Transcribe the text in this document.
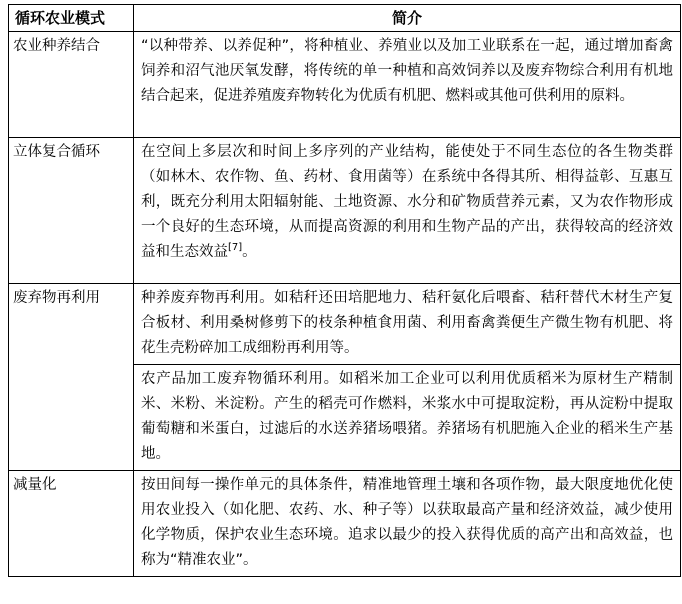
循环农业模式	简介
农业种养结合	“以种带养、以养促种”，将种植业、养殖业以及加工业联系在一起，通过增加畜禽饲养和沼气池厌氧发酵，将传统的单一种植和高效饲养以及废弃物综合利用有机地结合起来，促进养殖废弃物转化为优质有机肥、燃料或其他可供利用的原料。
立体复合循环	在空间上多层次和时间上多序列的产业结构，能使处于不同生态位的各生物类群（如林木、农作物、鱼、药材、食用菌等）在系统中各得其所、相得益彰、互惠互利，既充分利用太阳辐射能、土地资源、水分和矿物质营养元素，又为农作物形成一个良好的生态环境，从而提高资源的利用和生物产品的产出，获得较高的经济效益和生态效益[7]。
废弃物再利用	种养废弃物再利用。如秸秆还田培肥地力、秸秆氨化后喂畜、秸秆替代木材生产复合板材、利用桑树修剪下的枝条种植食用菌、利用畜禽粪便生产微生物有机肥、将花生壳粉碎加工成细粉再利用等。
	农产品加工废弃物循环利用。如稻米加工企业可以利用优质稻米为原材生产精制米、米粉、米淀粉。产生的稻壳可作燃料，米浆水中可提取淀粉，再从淀粉中提取葡萄糖和米蛋白，过滤后的水送养猪场喂猪。养猪场有机肥施入企业的稻米生产基地。
减量化	按田间每一操作单元的具体条件，精准地管理土壤和各项作物，最大限度地优化使用农业投入（如化肥、农药、水、种子等）以获取最高产量和经济效益，减少使用化学物质，保护农业生态环境。追求以最少的投入获得优质的高产出和高效益，也称为“精准农业”。
